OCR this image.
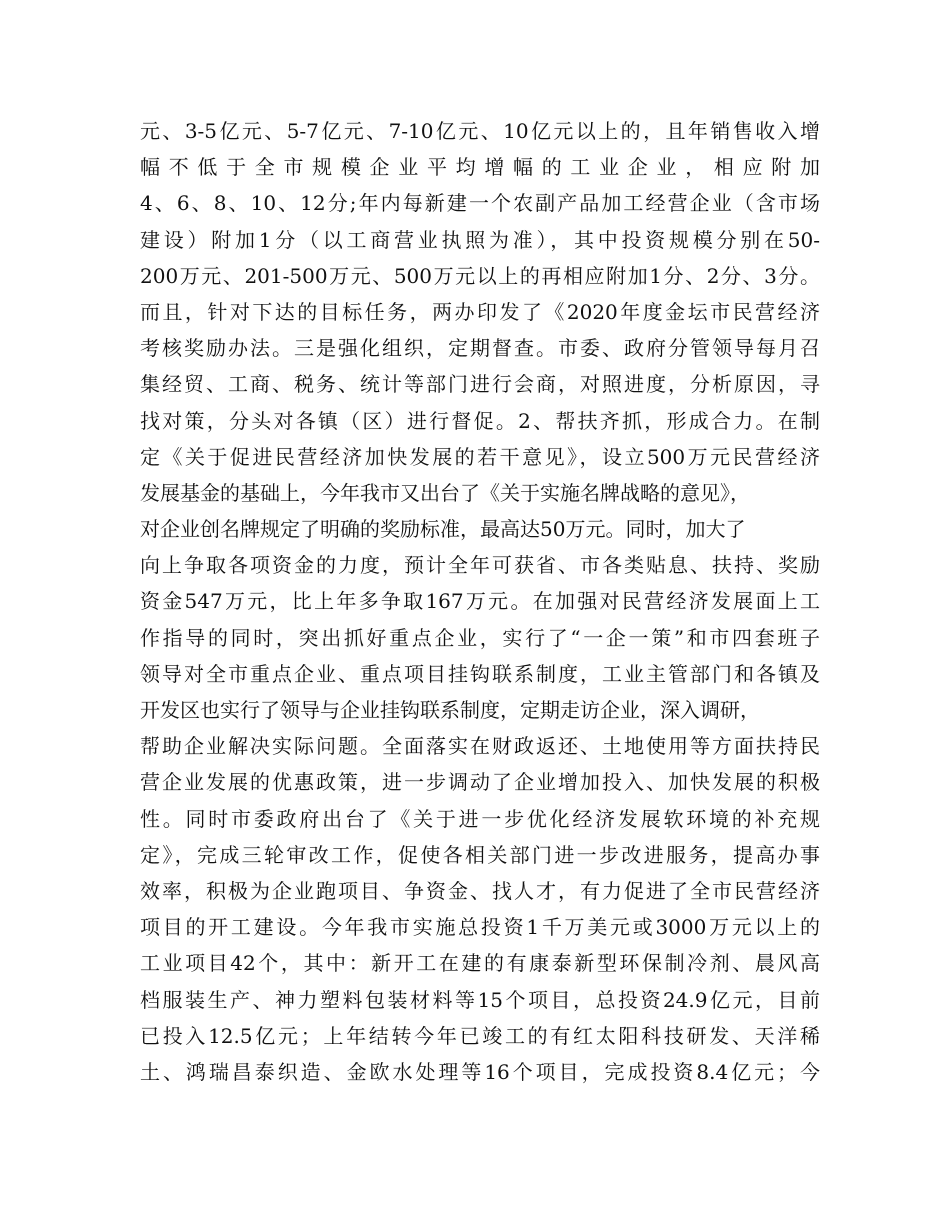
元、3-5亿元、5-7亿元、7-10亿元、10亿元以上的，且年销售收入增
幅 不 低 于 全 市 规 模 企 业 平 均 增 幅 的 工 业 企 业 ， 相 应 附 加
4、6、8、10、12分;年内每新建一个农副产品加工经营企业（含市场
建设）附加1分（以工商营业执照为准），其中投资规模分别在50-
200万元、201-500万元、500万元以上的再相应附加1分、2分、3分。
而且，针对下达的目标任务，两办印发了《2020年度金坛市民营经济
考核奖励办法。三是强化组织，定期督查。市委、政府分管领导每月召
集经贸、工商、税务、统计等部门进行会商，对照进度，分析原因，寻
找对策，分头对各镇（区）进行督促。2、帮扶齐抓，形成合力。在制
定《关于促进民营经济加快发展的若干意见》，设立500万元民营经济
发展基金的基础上，今年我市又出台了《关于实施名牌战略的意见》，
对企业创名牌规定了明确的奖励标准，最高达50万元。同时，加大了
向上争取各项资金的力度，预计全年可获省、市各类贴息、扶持、奖励
资金547万元，比上年多争取167万元。在加强对民营经济发展面上工
作指导的同时，突出抓好重点企业，实行了“一企一策”和市四套班子
领导对全市重点企业、重点项目挂钩联系制度，工业主管部门和各镇及
开发区也实行了领导与企业挂钩联系制度，定期走访企业，深入调研，
帮助企业解决实际问题。全面落实在财政返还、土地使用等方面扶持民
营企业发展的优惠政策，进一步调动了企业增加投入、加快发展的积极
性。同时市委政府出台了《关于进一步优化经济发展软环境的补充规
定》，完成三轮审改工作，促使各相关部门进一步改进服务，提高办事
效率，积极为企业跑项目、争资金、找人才，有力促进了全市民营经济
项目的开工建设。今年我市实施总投资1千万美元或3000万元以上的
工业项目42个，其中：新开工在建的有康泰新型环保制冷剂、晨风高
档服装生产、神力塑料包装材料等15个项目，总投资24.9亿元，目前
已投入12.5亿元；上年结转今年已竣工的有红太阳科技研发、天洋稀
土、鸿瑞昌泰织造、金欧水处理等16个项目，完成投资8.4亿元；今
